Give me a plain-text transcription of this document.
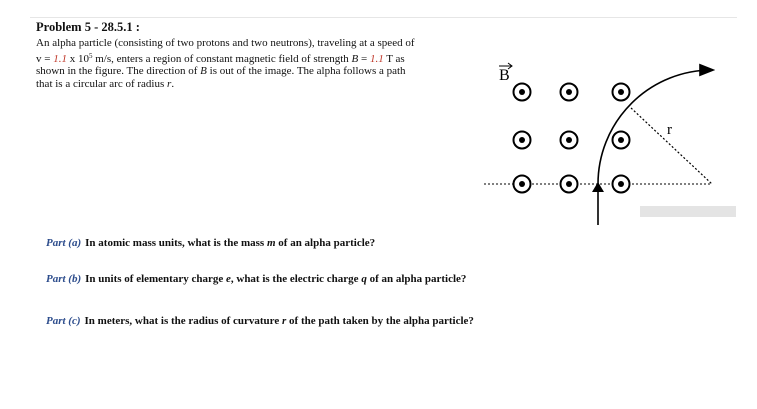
Problem 5 - 28.5.1 :
An alpha particle (consisting of two protons and two neutrons), traveling at a speed of
v = 1.1 x $10^5$ m/s, enters a region of constant magnetic field of strength B = 1.1 T as
shown in the figure. The direction of B is out of the image. The alpha follows a path
that is a circular arc of radius r.
Part (a) In atomic mass units, what is the mass m of an alpha particle?
Part (b) In units of elementary charge e, what is the electric charge q of an alpha particle?
Part (c) In meters, what is the radius of curvature r of the path taken by the alpha particle?
B
r
